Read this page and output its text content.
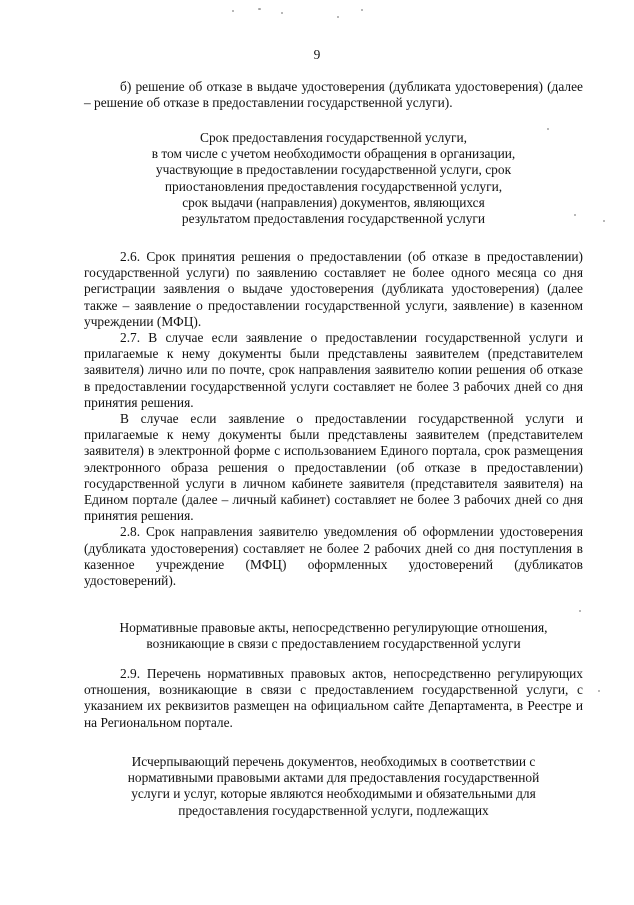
9

б) решение об отказе в выдаче удостоверения (дубликата удостоверения) (далее – решение об отказе в предоставлении государственной услуги).

Срок предоставления государственной услуги,
в том числе с учетом необходимости обращения в организации,
участвующие в предоставлении государственной услуги, срок
приостановления предоставления государственной услуги,
срок выдачи (направления) документов, являющихся
результатом предоставления государственной услуги

2.6. Срок принятия решения о предоставлении (об отказе в предоставлении) государственной услуги) по заявлению составляет не более одного месяца со дня регистрации заявления о выдаче удостоверения (дубликата удостоверения) (далее также – заявление о предоставлении государственной услуги, заявление) в казенном учреждении (МФЦ).

2.7. В случае если заявление о предоставлении государственной услуги и прилагаемые к нему документы были представлены заявителем (представителем заявителя) лично или по почте, срок направления заявителю копии решения об отказе в предоставлении государственной услуги составляет не более 3 рабочих дней со дня принятия решения.

В случае если заявление о предоставлении государственной услуги и прилагаемые к нему документы были представлены заявителем (представителем заявителя) в электронной форме с использованием Единого портала, срок размещения электронного образа решения о предоставлении (об отказе в предоставлении) государственной услуги в личном кабинете заявителя (представителя заявителя) на Едином портале (далее – личный кабинет) составляет не более 3 рабочих дней со дня принятия решения.

2.8. Срок направления заявителю уведомления об оформлении удостоверения (дубликата удостоверения) составляет не более 2 рабочих дней со дня поступления в казенное учреждение (МФЦ) оформленных удостоверений (дубликатов удостоверений).

Нормативные правовые акты, непосредственно регулирующие отношения,
возникающие в связи с предоставлением государственной услуги

2.9. Перечень нормативных правовых актов, непосредственно регулирующих отношения, возникающие в связи с предоставлением государственной услуги, с указанием их реквизитов размещен на официальном сайте Департамента, в Реестре и на Региональном портале.

Исчерпывающий перечень документов, необходимых в соответствии с
нормативными правовыми актами для предоставления государственной
услуги и услуг, которые являются необходимыми и обязательными для
предоставления государственной услуги, подлежащих
